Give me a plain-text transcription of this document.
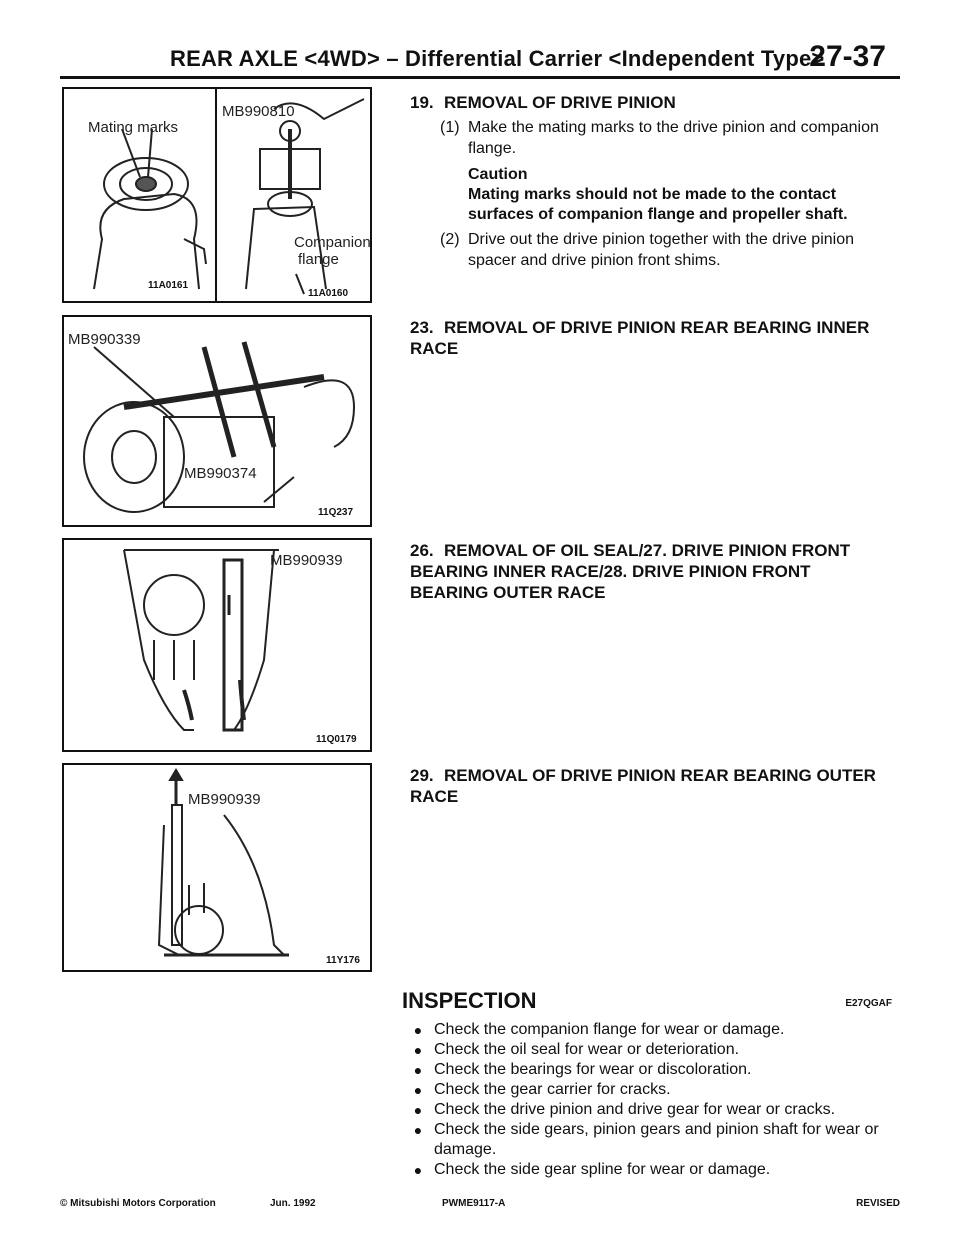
REAR AXLE <4WD> – Differential Carrier <Independent Type>
27-37
Mating marks
MB990810
Companion
flange
11A0161
11A0160
MB990339
MB990374
11Q237
MB990939
11Q0179
MB990939
11Y176
19. REMOVAL OF DRIVE PINION
(1) Make the mating marks to the drive pinion and companion flange.
Caution
Mating marks should not be made to the contact surfaces of companion flange and propeller shaft.
(2) Drive out the drive pinion together with the drive pinion spacer and drive pinion front shims.
23. REMOVAL OF DRIVE PINION REAR BEARING INNER RACE
26. REMOVAL OF OIL SEAL/27. DRIVE PINION FRONT BEARING INNER RACE/28. DRIVE PINION FRONT BEARING OUTER RACE
29. REMOVAL OF DRIVE PINION REAR BEARING OUTER RACE
INSPECTION	E27QGAF
● Check the companion flange for wear or damage.
● Check the oil seal for wear or deterioration.
● Check the bearings for wear or discoloration.
● Check the gear carrier for cracks.
● Check the drive pinion and drive gear for wear or cracks.
● Check the side gears, pinion gears and pinion shaft for wear or damage.
● Check the side gear spline for wear or damage.
© Mitsubishi Motors Corporation	Jun. 1992	PWME9117-A	REVISED
